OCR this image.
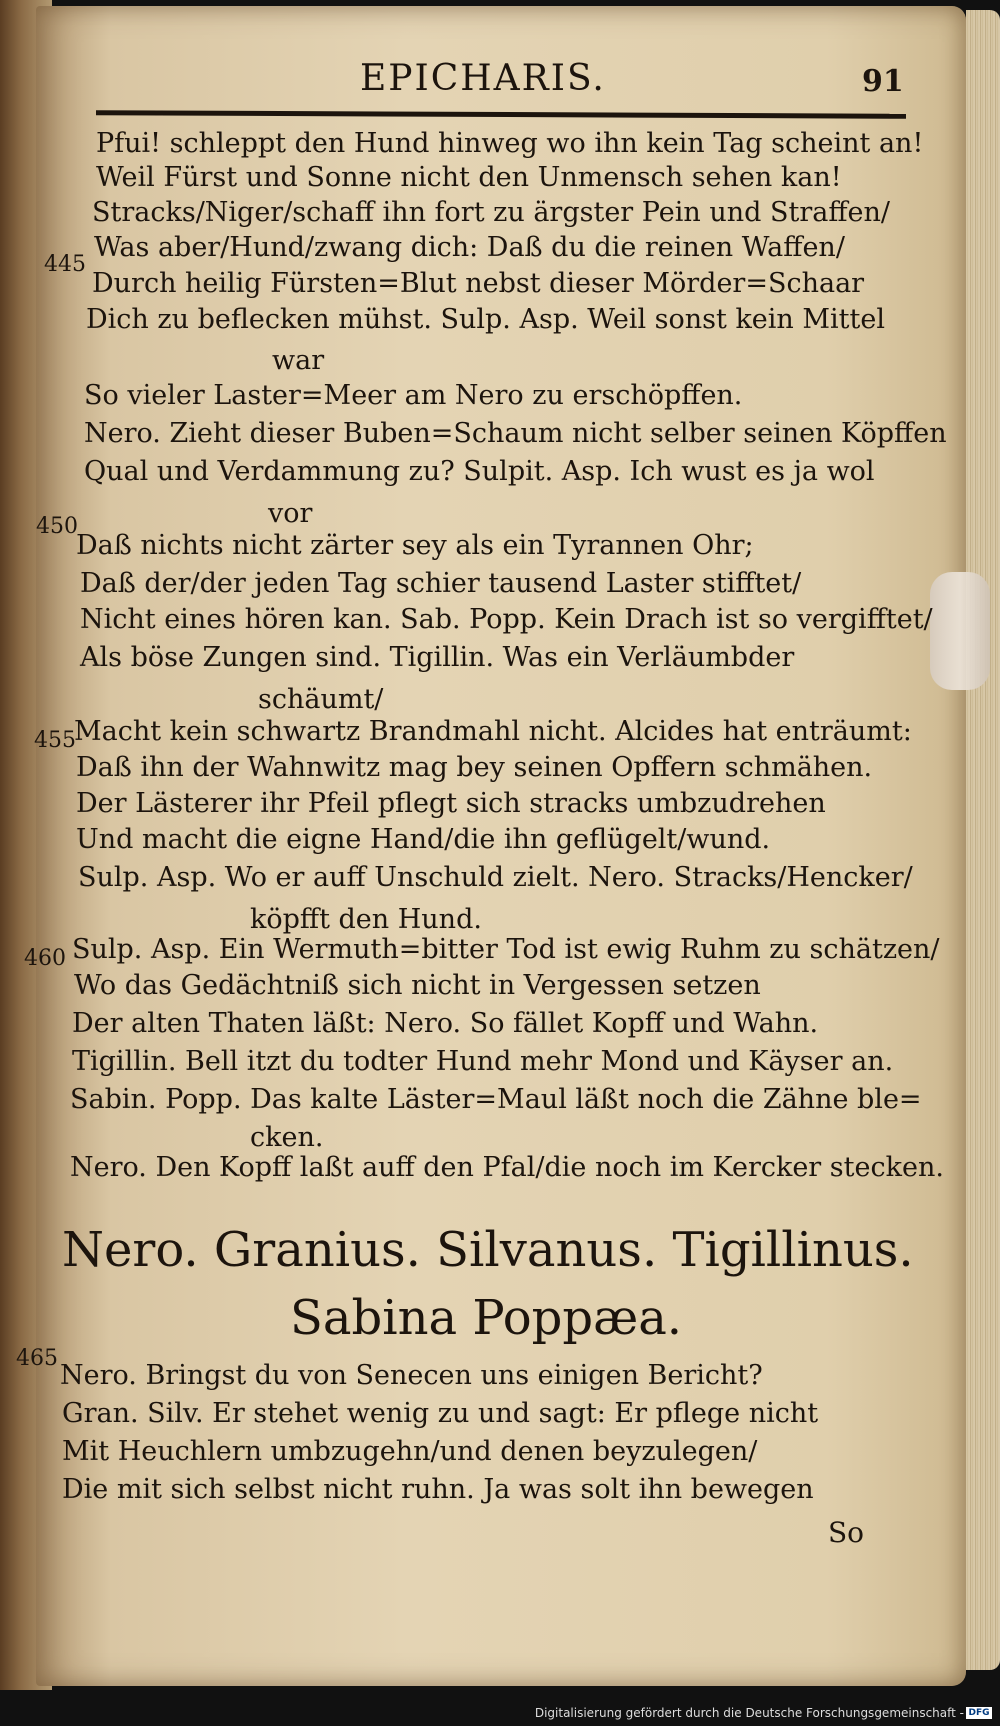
EPICHARIS.	91
Pfui! schleppt den Hund hinweg wo ihn kein Tag scheint an!
Weil Fürst und Sonne nicht den Unmensch sehen kan!
Stracks/Niger/schaff ihn fort zu ärgster Pein und Straffen/
Was aber/Hund/zwang dich: Daß du die reinen Waffen/
Durch heilig Fürsten=Blut nebst dieser Mörder=Schaar
Dich zu beflecken mühst. Sulp. Asp. Weil sonst kein Mittel
war
So vieler Laster=Meer am Nero zu erschöpffen.
Nero. Zieht dieser Buben=Schaum nicht selber seinen Köpffen
Qual und Verdammung zu? Sulpit. Asp. Ich wust es ja wol
vor
Daß nichts nicht zärter sey als ein Tyrannen Ohr;
Daß der/der jeden Tag schier tausend Laster stifftet/
Nicht eines hören kan. Sab. Popp. Kein Drach ist so vergifftet/
Als böse Zungen sind. Tigillin. Was ein Verläumbder
schäumt/
Macht kein schwartz Brandmahl nicht. Alcides hat enträumt:
Daß ihn der Wahnwitz mag bey seinen Opffern schmähen.
Der Lästerer ihr Pfeil pflegt sich stracks umbzudrehen
Und macht die eigne Hand/die ihn geflügelt/wund.
Sulp. Asp. Wo er auff Unschuld zielt. Nero. Stracks/Hencker/
köpfft den Hund.
Sulp. Asp. Ein Wermuth=bitter Tod ist ewig Ruhm zu schätzen/
Wo das Gedächtniß sich nicht in Vergessen setzen
Der alten Thaten läßt: Nero. So fället Kopff und Wahn.
Tigillin. Bell itzt du todter Hund mehr Mond und Käyser an.
Sabin. Popp. Das kalte Läster=Maul läßt noch die Zähne ble=
cken.
Nero. Den Kopff laßt auff den Pfal/die noch im Kercker stecken.
445
450
455
460
465
Nero. Granius. Silvanus. Tigillinus.
Sabina Poppæa.
Nero. Bringst du von Senecen uns einigen Bericht?
Gran. Silv. Er stehet wenig zu und sagt: Er pflege nicht
Mit Heuchlern umbzugehn/und denen beyzulegen/
Die mit sich selbst nicht ruhn. Ja was solt ihn bewegen
So
Digitalisierung gefördert durch die Deutsche Forschungsgemeinschaft - DFG
